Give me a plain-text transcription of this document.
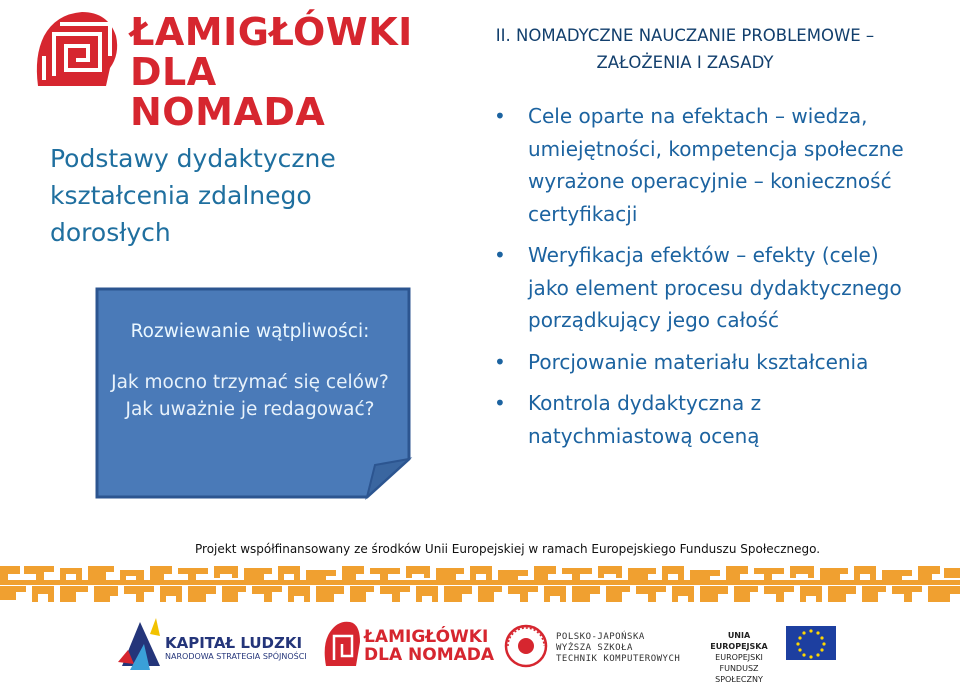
ŁAMIGŁÓWKI
DLA NOMADA
Podstawy dydaktyczne kształcenia zdalnego dorosłych
Rozwiewanie wątpliwości:
Jak mocno trzymać się celów?
Jak uważnie je redagować?
II. NOMADYCZNE NAUCZANIE PROBLEMOWE –
ZAŁOŻENIA I ZASADY
• Cele oparte na efektach – wiedza, umiejętności, kompetencja społeczne wyrażone operacyjnie – konieczność certyfikacji
• Weryfikacja efektów – efekty (cele) jako element procesu dydaktycznego porządkujący jego całość
• Porcjowanie materiału kształcenia
• Kontrola dydaktyczna z natychmiastową oceną
Projekt współfinansowany ze środków Unii Europejskiej w ramach Europejskiego Funduszu Społecznego.
KAPITAŁ LUDZKI
NARODOWA STRATEGIA SPÓJNOŚCI
ŁAMIGŁÓWKI
DLA NOMADA
POLSKO-JAPOŃSKA
WYŻSZA SZKOŁA
TECHNIK KOMPUTEROWYCH
UNIA EUROPEJSKA
EUROPEJSKI
FUNDUSZ SPOŁECZNY
